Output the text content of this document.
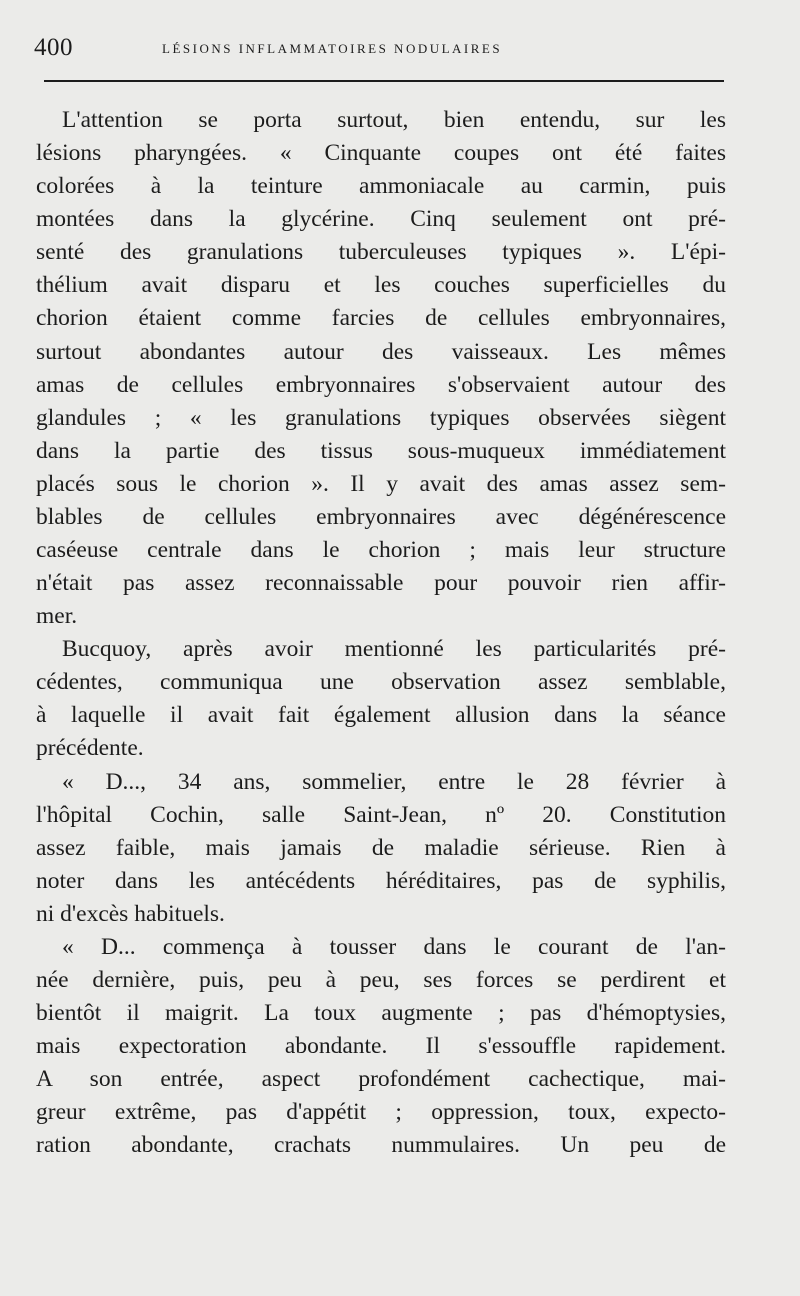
400	LÉSIONS INFLAMMATOIRES NODULAIRES
L'attention se porta surtout, bien entendu, sur les
lésions pharyngées. « Cinquante coupes ont été faites
colorées à la teinture ammoniacale au carmin, puis
montées dans la glycérine. Cinq seulement ont pré-
senté des granulations tuberculeuses typiques ». L'épi-
thélium avait disparu et les couches superficielles du
chorion étaient comme farcies de cellules embryonnaires,
surtout abondantes autour des vaisseaux. Les mêmes
amas de cellules embryonnaires s'observaient autour des
glandules ; « les granulations typiques observées siègent
dans la partie des tissus sous-muqueux immédiatement
placés sous le chorion ». Il y avait des amas assez sem-
blables de cellules embryonnaires avec dégénérescence
caséeuse centrale dans le chorion ; mais leur structure
n'était pas assez reconnaissable pour pouvoir rien affir-
mer.
Bucquoy, après avoir mentionné les particularités pré-
cédentes, communiqua une observation assez semblable,
à laquelle il avait fait également allusion dans la séance
précédente.
« D..., 34 ans, sommelier, entre le 28 février à
l'hôpital Cochin, salle Saint-Jean, nº 20. Constitution
assez faible, mais jamais de maladie sérieuse. Rien à
noter dans les antécédents héréditaires, pas de syphilis,
ni d'excès habituels.
« D... commença à tousser dans le courant de l'an-
née dernière, puis, peu à peu, ses forces se perdirent et
bientôt il maigrit. La toux augmente ; pas d'hémoptysies,
mais expectoration abondante. Il s'essouffle rapidement.
A son entrée, aspect profondément cachectique, mai-
greur extrême, pas d'appétit ; oppression, toux, expecto-
ration abondante, crachats nummulaires. Un peu de
